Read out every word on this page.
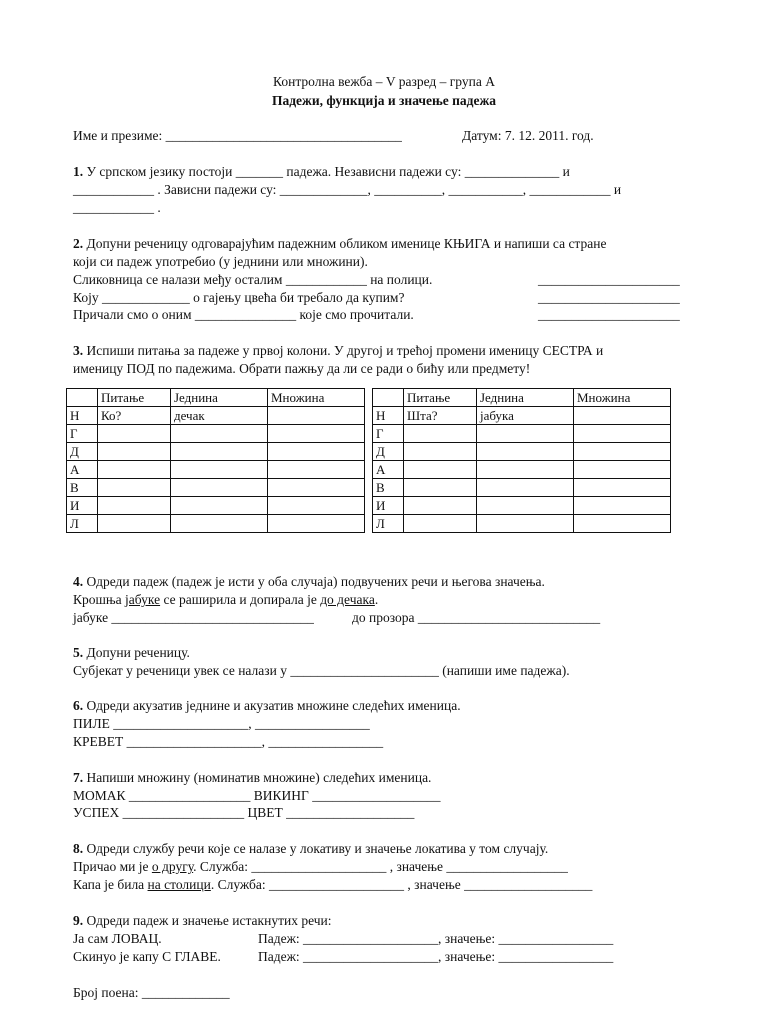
Контролна вежба – V разред – група А
Падежи, функција и значење падежа
Име и презиме: ___________________________________	Датум: 7. 12. 2011. год.
1. У српском језику постоји _______ падежа. Независни падежи су: ______________ и
____________ . Зависни падежи су: _____________, __________, ___________, ____________ и
____________ .
2. Допуни реченицу одговарајућим падежним обликом именице КЊИГА и напиши са стране
који си падеж употребио (у једнини или множини).
Сликовница се налази међу осталим ____________ на полици.	_____________________
Коју _____________ о гајењу цвећа би требало да купим?	_____________________
Причали смо о оним _______________ које смо прочитали.	_____________________
3. Испиши питања за падеже у првој колони. У другој и трећој промени именицу СЕСТРА и
именицу ПОД по падежима. Обрати пажњу да ли се ради о бићу или предмету!
	Питање	Једнина	Множина
Н	Ко?	дечак	
Г			
Д			
А			
В			
И			
Л			
	Питање	Једнина	Множина
Н	Шта?	јабука	
Г			
Д			
А			
В			
И			
Л			
4. Одреди падеж (падеж је исти у оба случаја) подвучених речи и његова значења.
Крошња јабуке се раширила и допирала је до дечака.
јабуке ______________________________	до прозора ___________________________
5. Допуни реченицу.
Субјекат у реченици увек се налази у ______________________ (напиши име падежа).
6. Одреди акузатив једнине и акузатив множине следећих именица.
ПИЛЕ ____________________, _________________
КРЕВЕТ ____________________, _________________
7. Напиши множину (номинатив множине) следећих именица.
МОМАК __________________ ВИКИНГ ___________________
УСПЕХ __________________ ЦВЕТ ___________________
8. Одреди службу речи које се налазе у локативу и значење локатива у том случају.
Причао ми је о другу. Служба: ____________________ , значење __________________
Капа је била на столици. Служба: ____________________ , значење ___________________
9. Одреди падеж и значење истакнутих речи:
Ја сам ЛОВАЦ.	Падеж: ____________________, значење: _________________
Скинуо је капу С ГЛАВЕ.	Падеж: ____________________, значење: _________________
Број поена: _____________
